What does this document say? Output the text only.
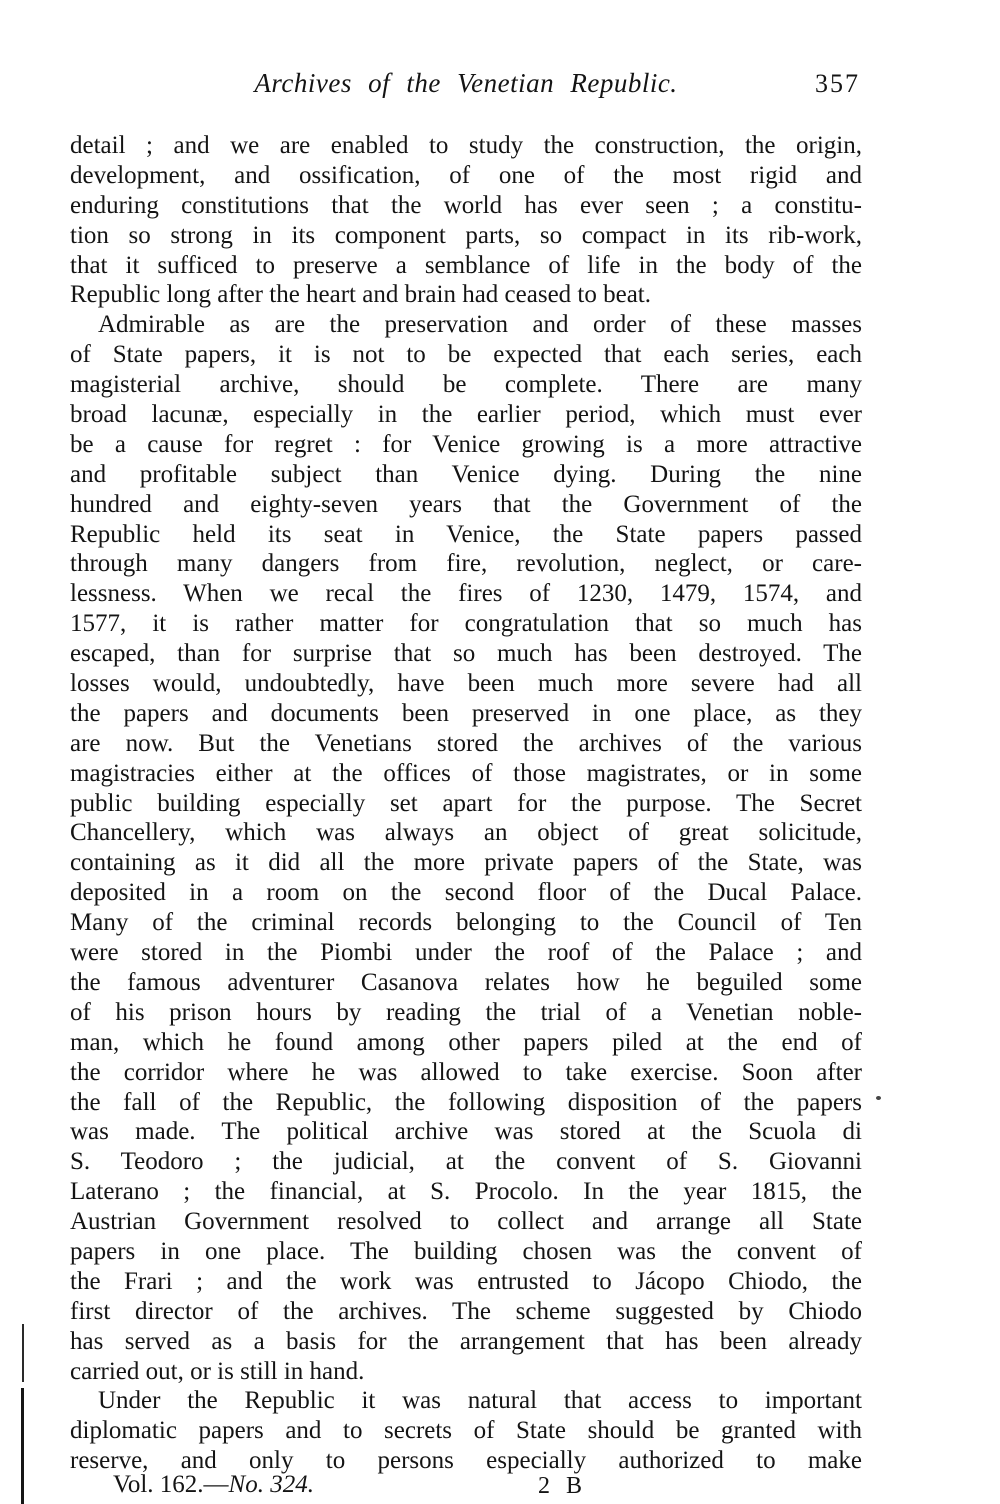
Archives of the Venetian Republic.	357
detail ; and we are enabled to study the construction, the origin,
development, and ossification, of one of the most rigid and
enduring constitutions that the world has ever seen ; a constitu-
tion so strong in its component parts, so compact in its rib-work,
that it sufficed to preserve a semblance of life in the body of the
Republic long after the heart and brain had ceased to beat.
Admirable as are the preservation and order of these masses
of State papers, it is not to be expected that each series, each
magisterial archive, should be complete. There are many
broad lacunæ, especially in the earlier period, which must ever
be a cause for regret : for Venice growing is a more attractive
and profitable subject than Venice dying. During the nine
hundred and eighty-seven years that the Government of the
Republic held its seat in Venice, the State papers passed
through many dangers from fire, revolution, neglect, or care-
lessness. When we recal the fires of 1230, 1479, 1574, and
1577, it is rather matter for congratulation that so much has
escaped, than for surprise that so much has been destroyed. The
losses would, undoubtedly, have been much more severe had all
the papers and documents been preserved in one place, as they
are now. But the Venetians stored the archives of the various
magistracies either at the offices of those magistrates, or in some
public building especially set apart for the purpose. The Secret
Chancellery, which was always an object of great solicitude,
containing as it did all the more private papers of the State, was
deposited in a room on the second floor of the Ducal Palace.
Many of the criminal records belonging to the Council of Ten
were stored in the Piombi under the roof of the Palace ; and
the famous adventurer Casanova relates how he beguiled some
of his prison hours by reading the trial of a Venetian noble-
man, which he found among other papers piled at the end of
the corridor where he was allowed to take exercise. Soon after
the fall of the Republic, the following disposition of the papers
was made. The political archive was stored at the Scuola di
S. Teodoro ; the judicial, at the convent of S. Giovanni
Laterano ; the financial, at S. Procolo. In the year 1815, the
Austrian Government resolved to collect and arrange all State
papers in one place. The building chosen was the convent of
the Frari ; and the work was entrusted to Jácopo Chiodo, the
first director of the archives. The scheme suggested by Chiodo
has served as a basis for the arrangement that has been already
carried out, or is still in hand.
Under the Republic it was natural that access to important
diplomatic papers and to secrets of State should be granted with
reserve, and only to persons especially authorized to make
Vol. 162.—No. 324.	2 B
